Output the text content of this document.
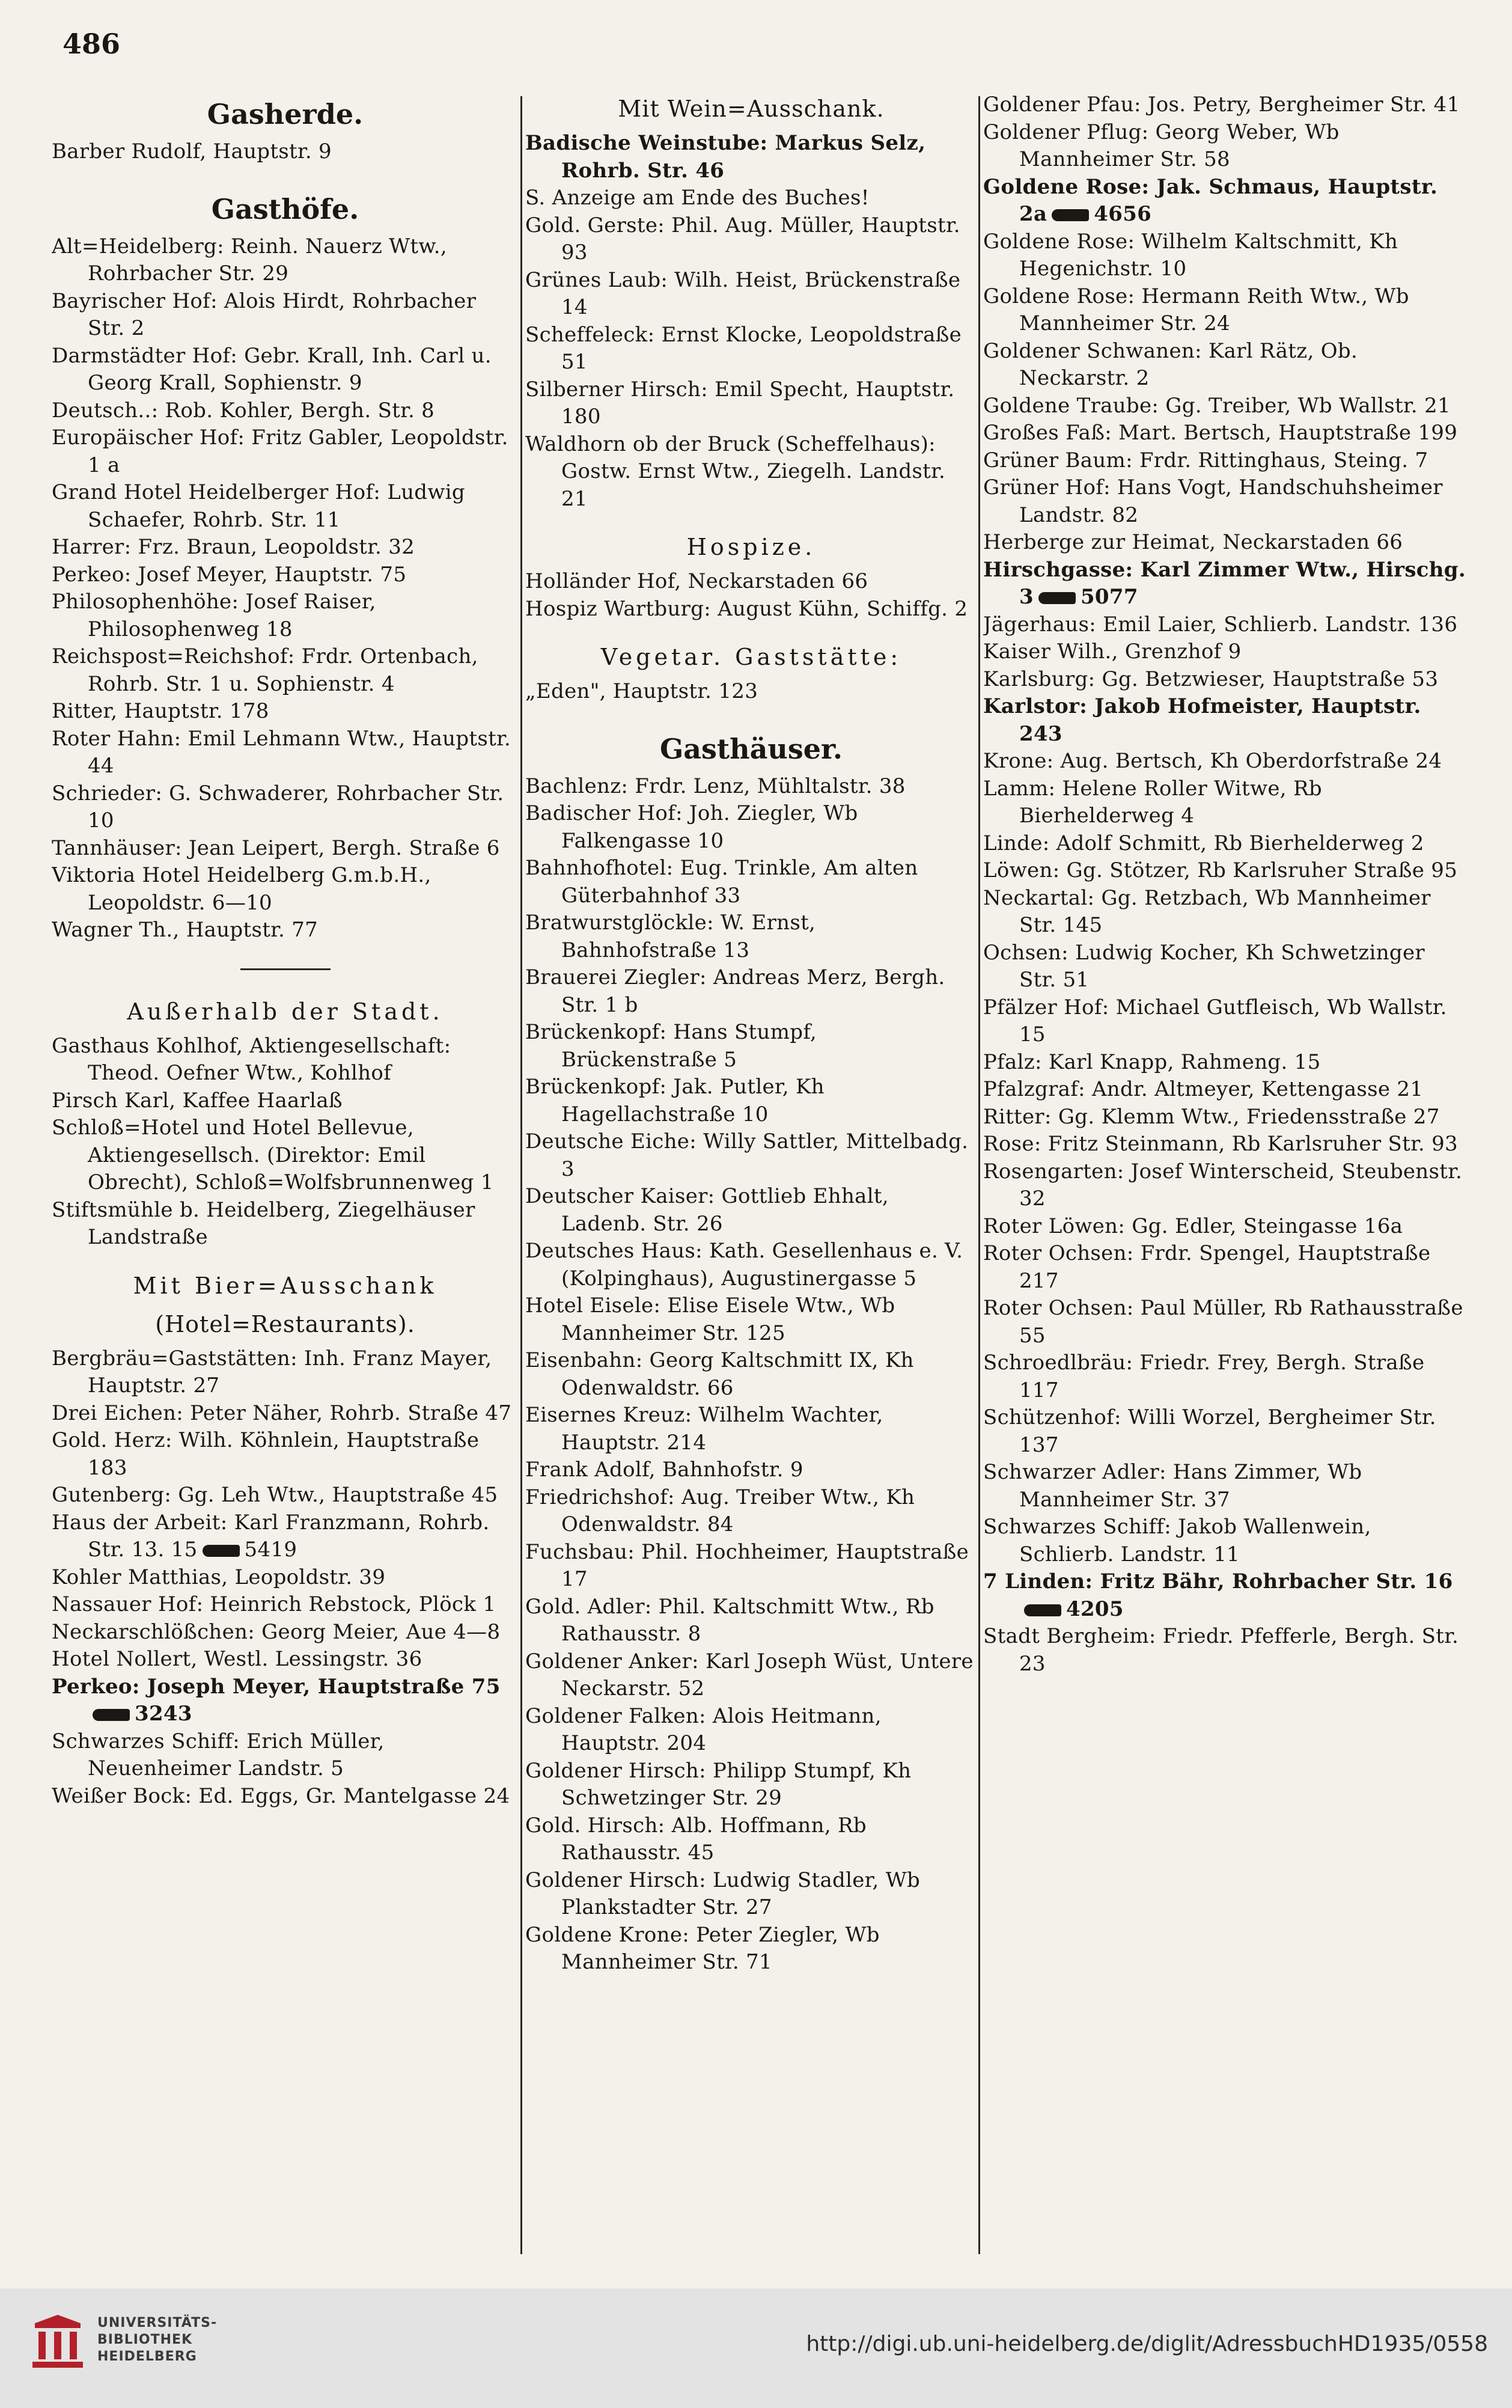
486
Gasherde.
Barber Rudolf, Hauptstr. 9
Gasthöfe.
Alt=Heidelberg: Reinh. Nauerz Wtw., Rohrbacher Str. 29
Bayrischer Hof: Alois Hirdt, Rohrbacher Str. 2
Darmstädter Hof: Gebr. Krall, Inh. Carl u. Georg Krall, Sophienstr. 9
Deutsch..: Rob. Kohler, Bergh. Str. 8
Europäischer Hof: Fritz Gabler, Leopoldstr. 1 a
Grand Hotel Heidelberger Hof: Ludwig Schaefer, Rohrb. Str. 11
Harrer: Frz. Braun, Leopoldstr. 32
Perkeo: Josef Meyer, Hauptstr. 75
Philosophenhöhe: Josef Raiser, Philosophenweg 18
Reichspost=Reichshof: Frdr. Ortenbach, Rohrb. Str. 1 u. Sophienstr. 4
Ritter, Hauptstr. 178
Roter Hahn: Emil Lehmann Wtw., Hauptstr. 44
Schrieder: G. Schwaderer, Rohrbacher Str. 10
Tannhäuser: Jean Leipert, Bergh. Straße 6
Viktoria Hotel Heidelberg G.m.b.H., Leopoldstr. 6—10
Wagner Th., Hauptstr. 77
Außerhalb der Stadt.
Gasthaus Kohlhof, Aktiengesellschaft: Theod. Oefner Wtw., Kohlhof
Pirsch Karl, Kaffee Haarlaß
Schloß=Hotel und Hotel Bellevue, Aktiengesellsch. (Direktor: Emil Obrecht), Schloß=Wolfsbrunnenweg 1
Stiftsmühle b. Heidelberg, Ziegelhäuser Landstraße
Mit Bier=Ausschank
(Hotel=Restaurants).
Bergbräu=Gaststätten: Inh. Franz Mayer, Hauptstr. 27
Drei Eichen: Peter Näher, Rohrb. Straße 47
Gold. Herz: Wilh. Köhnlein, Hauptstraße 183
Gutenberg: Gg. Leh Wtw., Hauptstraße 45
Haus der Arbeit: Karl Franzmann, Rohrb. Str. 13. 15 5419
Kohler Matthias, Leopoldstr. 39
Nassauer Hof: Heinrich Rebstock, Plöck 1
Neckarschlößchen: Georg Meier, Aue 4—8
Hotel Nollert, Westl. Lessingstr. 36
Perkeo: Joseph Meyer, Hauptstraße 753243
Schwarzes Schiff: Erich Müller, Neuenheimer Landstr. 5
Weißer Bock: Ed. Eggs, Gr. Mantelgasse 24
Mit Wein=Ausschank.
Badische Weinstube: Markus Selz, Rohrb. Str. 46
S. Anzeige am Ende des Buches!
Gold. Gerste: Phil. Aug. Müller, Hauptstr. 93
Grünes Laub: Wilh. Heist, Brückenstraße 14
Scheffeleck: Ernst Klocke, Leopoldstraße 51
Silberner Hirsch: Emil Specht, Hauptstr. 180
Waldhorn ob der Bruck (Scheffelhaus): Gostw. Ernst Wtw., Ziegelh. Landstr. 21
Hospize.
Holländer Hof, Neckarstaden 66
Hospiz Wartburg: August Kühn, Schiffg. 2
Vegetar. Gaststätte:
„Eden", Hauptstr. 123
Gasthäuser.
Bachlenz: Frdr. Lenz, Mühltalstr. 38
Badischer Hof: Joh. Ziegler, Wb Falkengasse 10
Bahnhofhotel: Eug. Trinkle, Am alten Güterbahnhof 33
Bratwurstglöckle: W. Ernst, Bahnhofstraße 13
Brauerei Ziegler: Andreas Merz, Bergh. Str. 1 b
Brückenkopf: Hans Stumpf, Brückenstraße 5
Brückenkopf: Jak. Putler, Kh Hagellachstraße 10
Deutsche Eiche: Willy Sattler, Mittelbadg. 3
Deutscher Kaiser: Gottlieb Ehhalt, Ladenb. Str. 26
Deutsches Haus: Kath. Gesellenhaus e. V. (Kolpinghaus), Augustinergasse 5
Hotel Eisele: Elise Eisele Wtw., Wb Mannheimer Str. 125
Eisenbahn: Georg Kaltschmitt IX, Kh Odenwaldstr. 66
Eisernes Kreuz: Wilhelm Wachter, Hauptstr. 214
Frank Adolf, Bahnhofstr. 9
Friedrichshof: Aug. Treiber Wtw., Kh Odenwaldstr. 84
Fuchsbau: Phil. Hochheimer, Hauptstraße 17
Gold. Adler: Phil. Kaltschmitt Wtw., Rb Rathausstr. 8
Goldener Anker: Karl Joseph Wüst, Untere Neckarstr. 52
Goldener Falken: Alois Heitmann, Hauptstr. 204
Goldener Hirsch: Philipp Stumpf, Kh Schwetzinger Str. 29
Gold. Hirsch: Alb. Hoffmann, Rb Rathausstr. 45
Goldener Hirsch: Ludwig Stadler, Wb Plankstadter Str. 27
Goldene Krone: Peter Ziegler, Wb Mannheimer Str. 71
Goldener Pfau: Jos. Petry, Bergheimer Str. 41
Goldener Pflug: Georg Weber, Wb Mannheimer Str. 58
Goldene Rose: Jak. Schmaus, Hauptstr. 2a 4656
Goldene Rose: Wilhelm Kaltschmitt, Kh Hegenichstr. 10
Goldene Rose: Hermann Reith Wtw., Wb Mannheimer Str. 24
Goldener Schwanen: Karl Rätz, Ob. Neckarstr. 2
Goldene Traube: Gg. Treiber, Wb Wallstr. 21
Großes Faß: Mart. Bertsch, Hauptstraße 199
Grüner Baum: Frdr. Rittinghaus, Steing. 7
Grüner Hof: Hans Vogt, Handschuhsheimer Landstr. 82
Herberge zur Heimat, Neckarstaden 66
Hirschgasse: Karl Zimmer Wtw., Hirschg. 3 5077
Jägerhaus: Emil Laier, Schlierb. Landstr. 136
Kaiser Wilh., Grenzhof 9
Karlsburg: Gg. Betzwieser, Hauptstraße 53
Karlstor: Jakob Hofmeister, Hauptstr. 243
Krone: Aug. Bertsch, Kh Oberdorfstraße 24
Lamm: Helene Roller Witwe, Rb Bierhelderweg 4
Linde: Adolf Schmitt, Rb Bierhelderweg 2
Löwen: Gg. Stötzer, Rb Karlsruher Straße 95
Neckartal: Gg. Retzbach, Wb Mannheimer Str. 145
Ochsen: Ludwig Kocher, Kh Schwetzinger Str. 51
Pfälzer Hof: Michael Gutfleisch, Wb Wallstr. 15
Pfalz: Karl Knapp, Rahmeng. 15
Pfalzgraf: Andr. Altmeyer, Kettengasse 21
Ritter: Gg. Klemm Wtw., Friedensstraße 27
Rose: Fritz Steinmann, Rb Karlsruher Str. 93
Rosengarten: Josef Winterscheid, Steubenstr. 32
Roter Löwen: Gg. Edler, Steingasse 16a
Roter Ochsen: Frdr. Spengel, Hauptstraße 217
Roter Ochsen: Paul Müller, Rb Rathausstraße 55
Schroedlbräu: Friedr. Frey, Bergh. Straße 117
Schützenhof: Willi Worzel, Bergheimer Str. 137
Schwarzer Adler: Hans Zimmer, Wb Mannheimer Str. 37
Schwarzes Schiff: Jakob Wallenwein, Schlierb. Landstr. 11
7 Linden: Fritz Bähr, Rohrbacher Str. 164205
Stadt Bergheim: Friedr. Pfefferle, Bergh. Str. 23
UNIVERSITÄTS-
BIBLIOTHEK
HEIDELBERG
http://digi.ub.uni-heidelberg.de/diglit/AdressbuchHD1935/0558
